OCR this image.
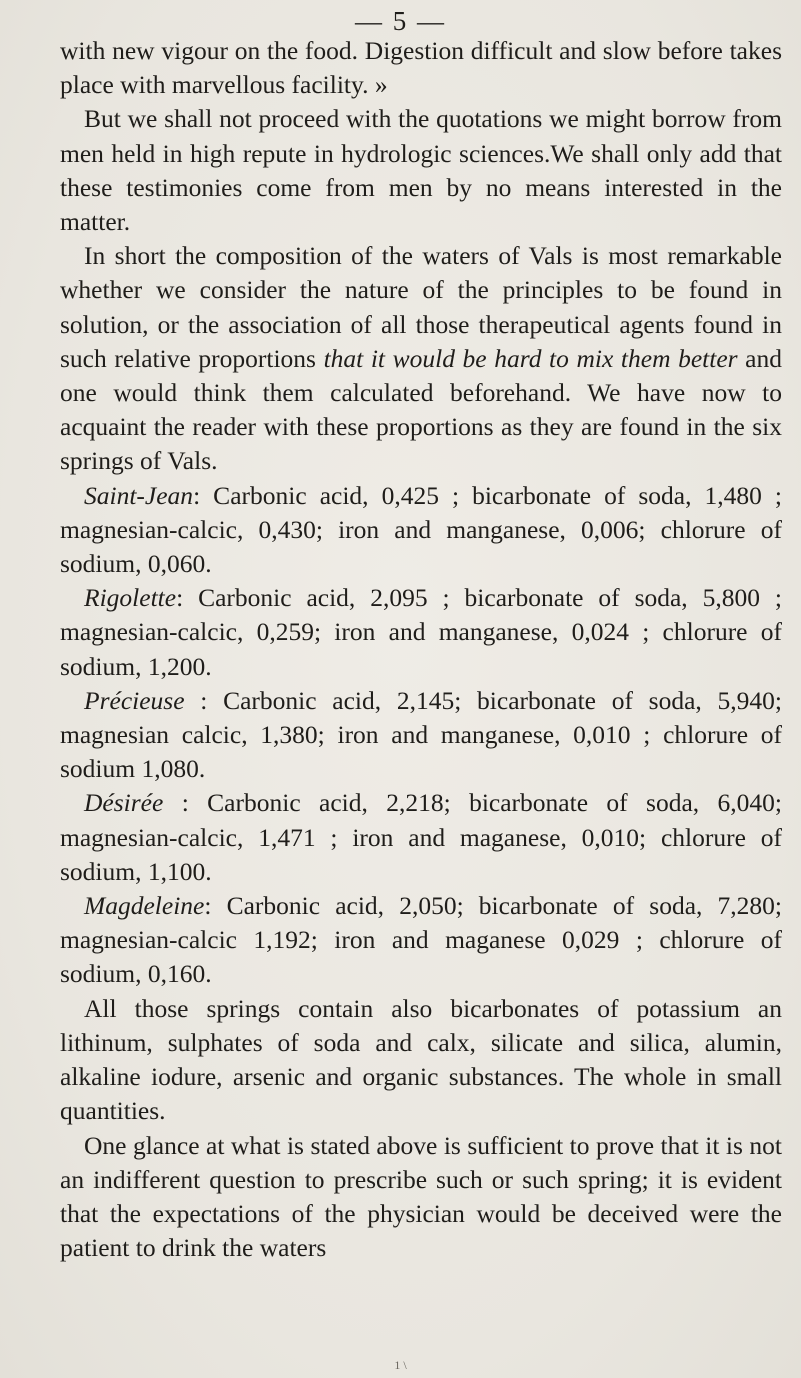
— 5 —

with new vigour on the food. Digestion difficult and slow before takes place with marvellous facility. »

But we shall not proceed with the quotations we might borrow from men held in high repute in hydrologic sciences.We shall only add that these testimonies come from men by no means interested in the matter.

In short the composition of the waters of Vals is most remarkable whether we consider the nature of the principles to be found in solution, or the association of all those therapeutical agents found in such relative proportions that it would be hard to mix them better and one would think them calculated beforehand. We have now to acquaint the reader with these proportions as they are found in the six springs of Vals.

Saint-Jean: Carbonic acid, 0,425 ; bicarbonate of soda, 1,480 ; magnesian-calcic, 0,430; iron and manganese, 0,006; chlorure of sodium, 0,060.

Rigolette: Carbonic acid, 2,095 ; bicarbonate of soda, 5,800 ; magnesian-calcic, 0,259; iron and manganese, 0,024 ; chlorure of sodium, 1,200.

Précieuse : Carbonic acid, 2,145; bicarbonate of soda, 5,940; magnesian calcic, 1,380; iron and manganese, 0,010 ; chlorure of sodium 1,080.

Désirée : Carbonic acid, 2,218; bicarbonate of soda, 6,040; magnesian-calcic, 1,471 ; iron and maganese, 0,010; chlorure of sodium, 1,100.

Magdeleine: Carbonic acid, 2,050; bicarbonate of soda, 7,280; magnesian-calcic 1,192; iron and maganese 0,029 ; chlorure of sodium, 0,160.

All those springs contain also bicarbonates of potassium an lithinum, sulphates of soda and calx, silicate and silica, alumin, alkaline iodure, arsenic and organic substances. The whole in small quantities.

One glance at what is stated above is sufficient to prove that it is not an indifferent question to prescribe such or such spring; it is evident that the expectations of the physician would be deceived were the patient to drink the waters

1 \
